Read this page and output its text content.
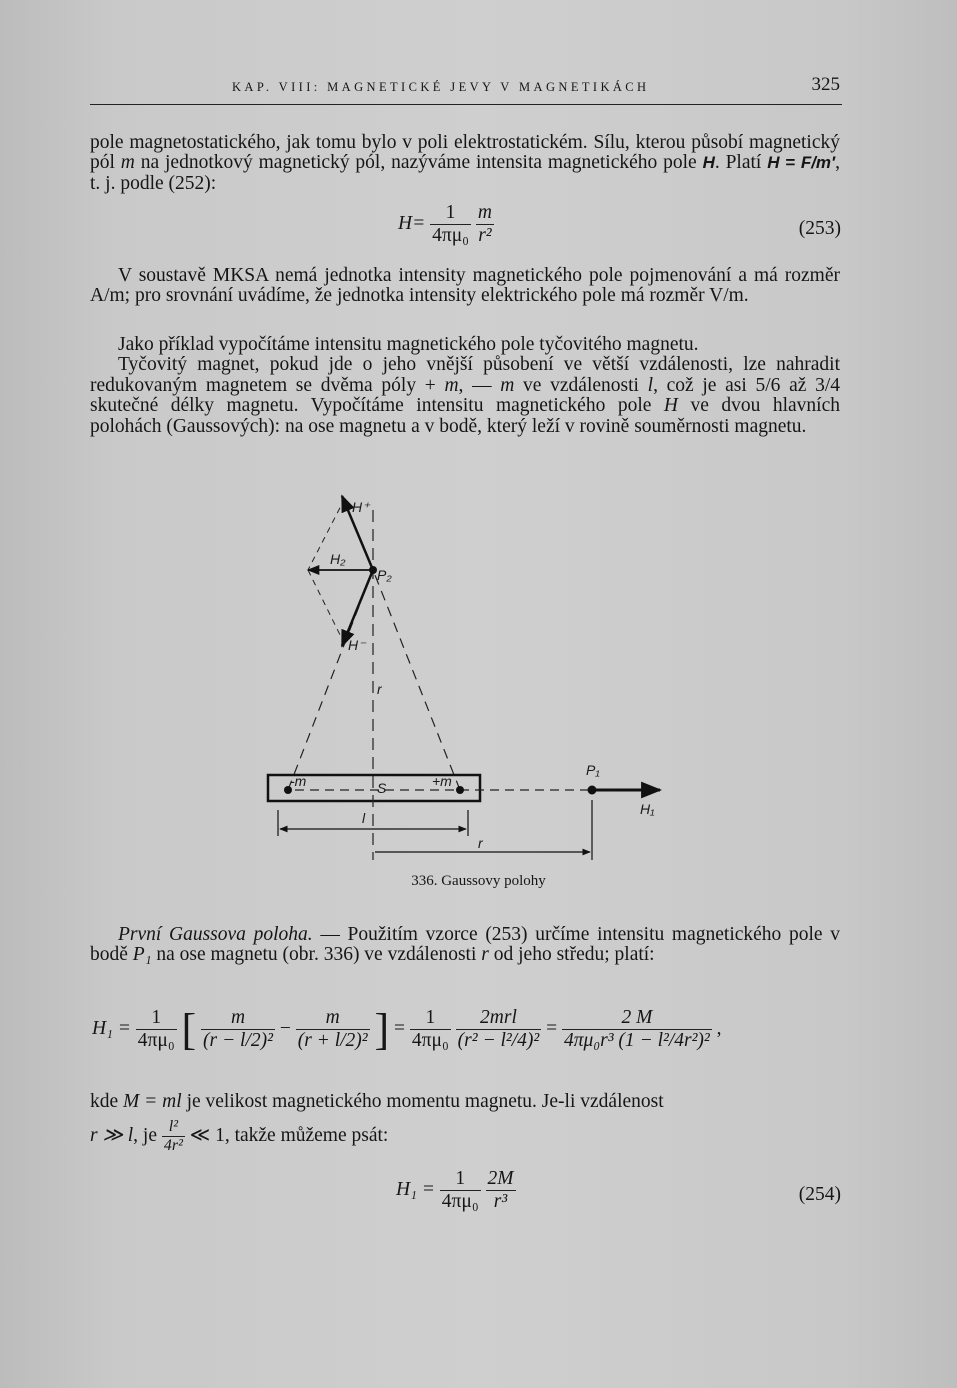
KAP. VIII: MAGNETICKÉ JEVY V MAGNETIKÁCH	325

pole magnetostatického, jak tomu bylo v poli elektrostatickém. Sílu, kterou působí magnetický pól m na jednotkový magnetický pól, nazýváme intensita magnetického pole H. Platí H = F/m′, t. j. podle (252):

$H= \frac{1}{\text{4πμ₀}}$
$\frac{m}{\text{r²}}$	(253)

V soustavě MKSA nemá jednotka intensity magnetického pole pojmenování a má rozměr A/m; pro srovnání uvádíme, že jednotka intensity elektrického pole má rozměr V/m.

Jako příklad vypočítáme intensitu magnetického pole tyčovitého magnetu.

Tyčovitý magnet, pokud jde o jeho vnější působení ve větší vzdálenosti, lze nahradit redukovaným magnetem se dvěma póly + m, — m ve vzdálenosti l, což je asi 5/6 až 3/4 skutečné délky magnetu. Vypočítáme intensitu magnetického pole H ve dvou hlavních polohách (Gaussových): na ose magnetu a v bodě, který leží v rovině souměrnosti magnetu.

H⁺
H₂
P₂
H⁻
r
-m	S	+m
P₁
l
r
H₁
336. Gaussovy polohy

První Gaussova poloha. — Použitím vzorce (253) určíme intensitu magnetického pole v bodě P₁ na ose magnetu (obr. 336) ve vzdálenosti r od jeho středu; platí:

$H_1 = \frac{1}{\text{4πμ₀}}$ [ $\frac{m}{\text{(r − l/2)²}} - \frac{m}{\text{(r + l/2)²}}$ ] = $\frac{1}{\text{4πμ₀}}$
$\frac{\text{2mrl}}{\text{(r² − l²/4)²}} = \frac{2 M}{\text{4πμ₀r³ (1 − l²/4r²)²}}$ ,

kde M = ml je velikost magnetického momentu magnetu. Je-li vzdálenost

r ≫ l, je $\frac{\text{l²}}{\text{4r²}}$ ≪ 1, takže můžeme psát:
$H_1 = \frac{1}{\text{4πμ₀}}$
$\frac{2M}{\text{r³}}$	(254)
